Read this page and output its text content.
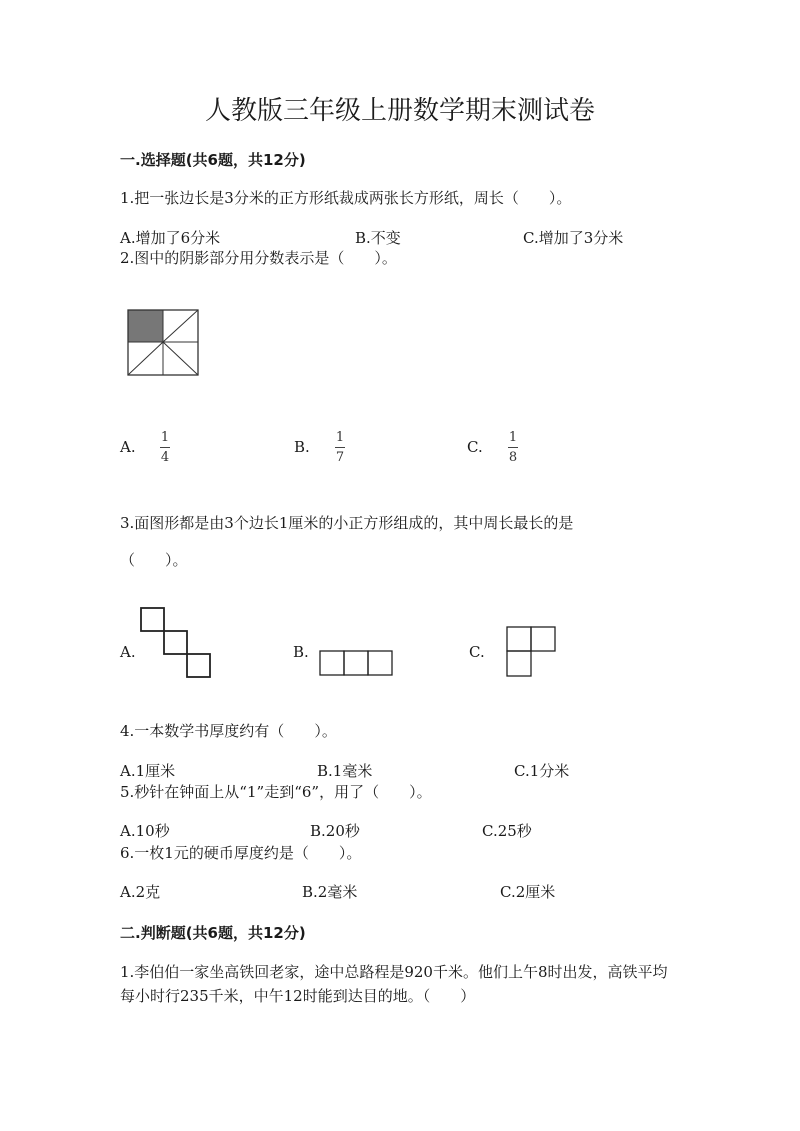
人教版三年级上册数学期末测试卷
一.选择题(共6题，共12分)
1.把一张边长是3分米的正方形纸裁成两张长方形纸，周长（　　）。
A.增加了6分米	B.不变	C.增加了3分米
2.图中的阴影部分用分数表示是（　　）。
A.
1
4
B.
1
7
C.
1
8
3.面图形都是由3个边长1厘米的小正方形组成的，其中周长最长的是
（　　）。
A.	B.	C.
4.一本数学书厚度约有（　　）。
A.1厘米	B.1毫米	C.1分米
5.秒针在钟面上从“1”走到“6”，用了（　　）。
A.10秒	B.20秒	C.25秒
6.一枚1元的硬币厚度约是（　　）。
A.2克	B.2毫米	C.2厘米
二.判断题(共6题，共12分)
1.李伯伯一家坐高铁回老家，途中总路程是920千米。他们上午8时出发，高铁平均每小时行235千米，中午12时能到达目的地。（　　）
